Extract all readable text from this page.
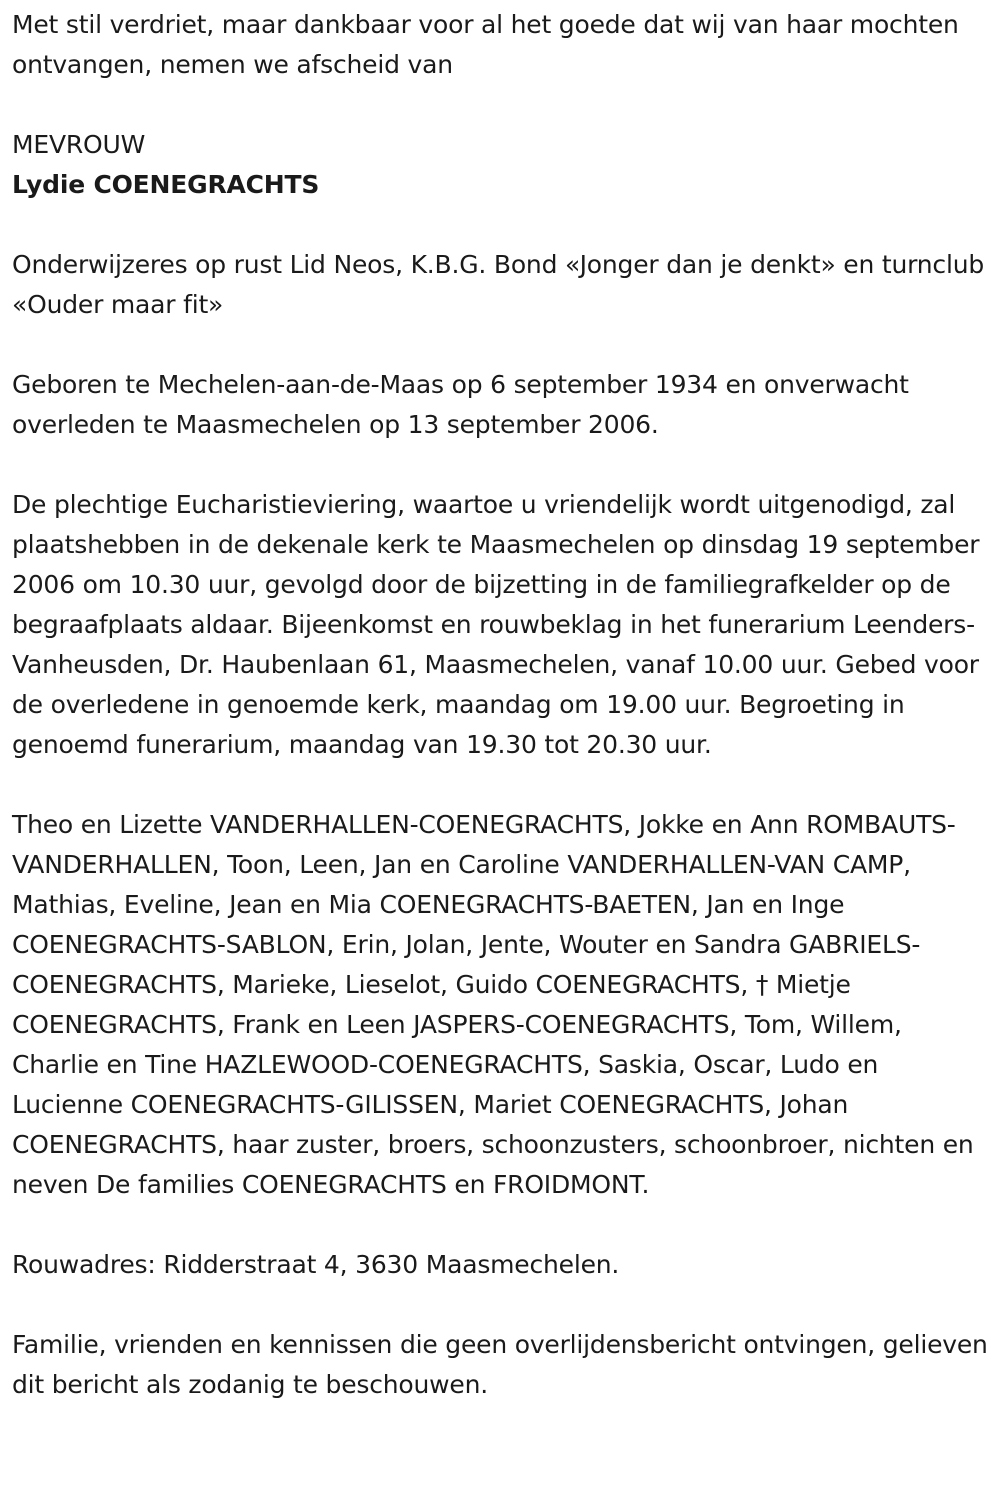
Met stil verdriet, maar dankbaar voor al het goede dat wij van haar mochten ontvangen, nemen we afscheid van

MEVROUW

Lydie COENEGRACHTS

Onderwijzeres op rust Lid Neos, K.B.G. Bond «Jonger dan je denkt» en turnclub «Ouder maar fit»

Geboren te Mechelen-aan-de-Maas op 6 september 1934 en onverwacht overleden te Maasmechelen op 13 september 2006.

De plechtige Eucharistieviering, waartoe u vriendelijk wordt uitgenodigd, zal plaatshebben in de dekenale kerk te Maasmechelen op dinsdag 19 september 2006 om 10.30 uur, gevolgd door de bijzetting in de familiegrafkelder op de begraafplaats aldaar. Bijeenkomst en rouwbeklag in het funerarium Leenders-Vanheusden, Dr. Haubenlaan 61, Maasmechelen, vanaf 10.00 uur. Gebed voor de overledene in genoemde kerk, maandag om 19.00 uur. Begroeting in genoemd funerarium, maandag van 19.30 tot 20.30 uur.

Theo en Lizette VANDERHALLEN-COENEGRACHTS, Jokke en Ann ROMBAUTS-VANDERHALLEN, Toon, Leen, Jan en Caroline VANDERHALLEN-VAN CAMP, Mathias, Eveline, Jean en Mia COENEGRACHTS-BAETEN, Jan en Inge COENEGRACHTS-SABLON, Erin, Jolan, Jente, Wouter en Sandra GABRIELS-COENEGRACHTS, Marieke, Lieselot, Guido COENEGRACHTS, † Mietje COENEGRACHTS, Frank en Leen JASPERS-COENEGRACHTS, Tom, Willem, Charlie en Tine HAZLEWOOD-COENEGRACHTS, Saskia, Oscar, Ludo en Lucienne COENEGRACHTS-GILISSEN, Mariet COENEGRACHTS, Johan COENEGRACHTS, haar zuster, broers, schoonzusters, schoonbroer, nichten en neven De families COENEGRACHTS en FROIDMONT.

Rouwadres: Ridderstraat 4, 3630 Maasmechelen.

Familie, vrienden en kennissen die geen overlijdensbericht ontvingen, gelieven dit bericht als zodanig te beschouwen.
